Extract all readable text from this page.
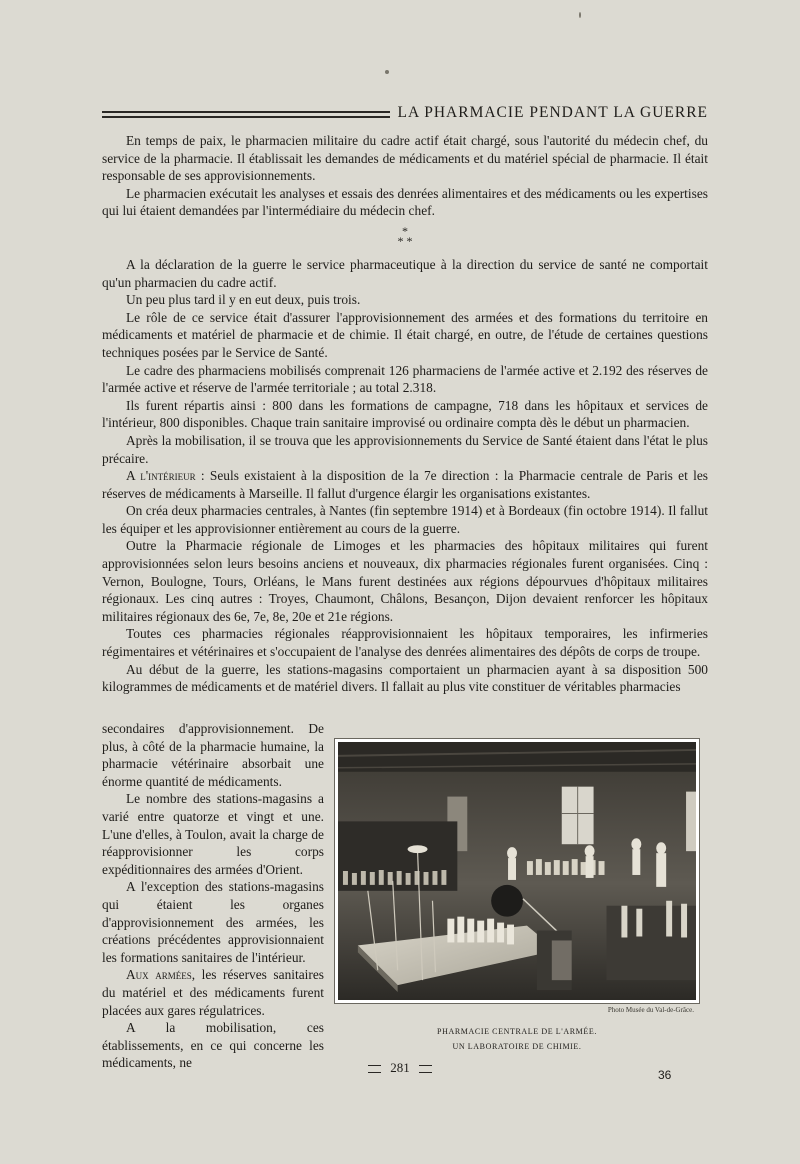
LA PHARMACIE PENDANT LA GUERRE

En temps de paix, le pharmacien militaire du cadre actif était chargé, sous l'autorité du médecin chef, du service de la pharmacie. Il établissait les demandes de médicaments et du matériel spécial de pharmacie. Il était responsable de ses approvisionnements.

Le pharmacien exécutait les analyses et essais des denrées alimentaires et des médicaments ou les expertises qui lui étaient demandées par l'intermédiaire du médecin chef.

*
* *

A la déclaration de la guerre le service pharmaceutique à la direction du service de santé ne comportait qu'un pharmacien du cadre actif.

Un peu plus tard il y en eut deux, puis trois.

Le rôle de ce service était d'assurer l'approvisionnement des armées et des formations du territoire en médicaments et matériel de pharmacie et de chimie. Il était chargé, en outre, de l'étude de certaines questions techniques posées par le Service de Santé.

Le cadre des pharmaciens mobilisés comprenait 126 pharmaciens de l'armée active et 2.192 des réserves de l'armée active et réserve de l'armée territoriale ; au total 2.318.

Ils furent répartis ainsi : 800 dans les formations de campagne, 718 dans les hôpitaux et services de l'intérieur, 800 disponibles. Chaque train sanitaire improvisé ou ordinaire compta dès le début un pharmacien.

Après la mobilisation, il se trouva que les approvisionnements du Service de Santé étaient dans l'état le plus précaire.

A l'intérieur : Seuls existaient à la disposition de la 7e direction : la Pharmacie centrale de Paris et les réserves de médicaments à Marseille. Il fallut d'urgence élargir les organisations existantes.

On créa deux pharmacies centrales, à Nantes (fin septembre 1914) et à Bordeaux (fin octobre 1914). Il fallut les équiper et les approvisionner entièrement au cours de la guerre.

Outre la Pharmacie régionale de Limoges et les pharmacies des hôpitaux militaires qui furent approvisionnées selon leurs besoins anciens et nouveaux, dix pharmacies régionales furent organisées. Cinq : Vernon, Boulogne, Tours, Orléans, le Mans furent destinées aux régions dépourvues d'hôpitaux militaires régionaux. Les cinq autres : Troyes, Chaumont, Châlons, Besançon, Dijon devaient renforcer les hôpitaux militaires régionaux des 6e, 7e, 8e, 20e et 21e régions.

Toutes ces pharmacies régionales réapprovisionnaient les hôpitaux temporaires, les infirmeries régimentaires et vétérinaires et s'occupaient de l'analyse des denrées alimentaires des dépôts de corps de troupe.

Au début de la guerre, les stations-magasins comportaient un pharmacien ayant à sa disposition 500 kilogrammes de médicaments et de matériel divers. Il fallait au plus vite constituer de véritables pharmacies

secondaires d'approvisionnement. De plus, à côté de la pharmacie humaine, la pharmacie vétérinaire absorbait une énorme quantité de médicaments.

Le nombre des stations-magasins a varié entre quatorze et vingt et une. L'une d'elles, à Toulon, avait la charge de réapprovisionner les corps expéditionnaires des armées d'Orient.

A l'exception des stations-magasins qui étaient les organes d'approvisionnement des armées, les créations précédentes approvisionnaient les formations sanitaires de l'intérieur.

Aux armées, les réserves sanitaires du matériel et des médicaments furent placées aux gares régulatrices.

A la mobilisation, ces établissements, en ce qui concerne les médicaments, ne

Photo Musée du Val-de-Grâce.
PHARMACIE CENTRALE DE L'ARMÉE.
UN LABORATOIRE DE CHIMIE.
281	36
